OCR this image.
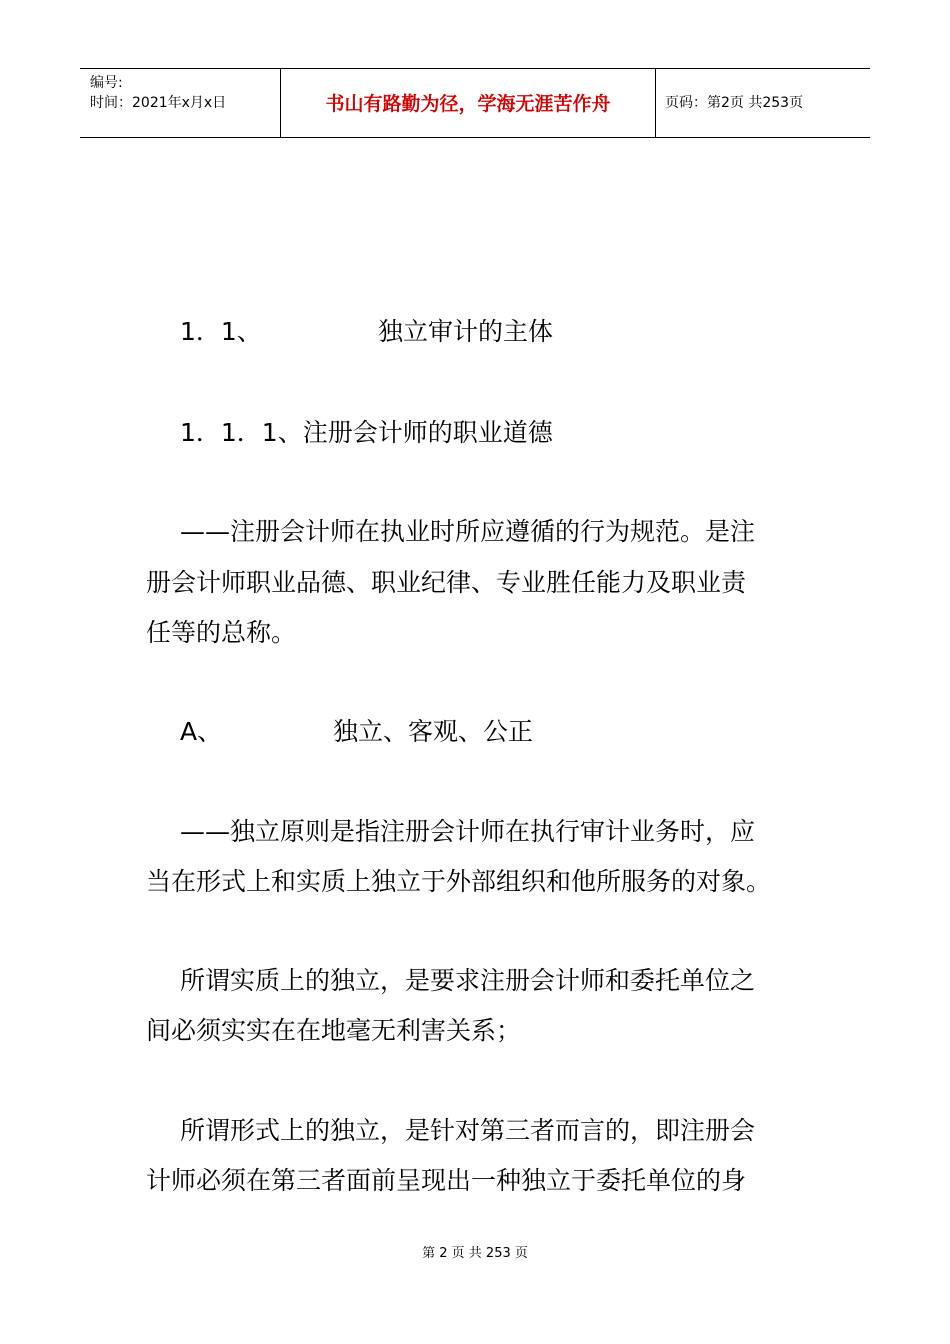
编号:
时间：2021年x月x日	书山有路勤为径，学海无涯苦作舟	页码：第2页 共253页
1．1、	独立审计的主体
1．1．1、注册会计师的职业道德
——注册会计师在执业时所应遵循的行为规范。是注
册会计师职业品德、职业纪律、专业胜任能力及职业责
任等的总称。
A、	独立、客观、公正
——独立原则是指注册会计师在执行审计业务时，应
当在形式上和实质上独立于外部组织和他所服务的对象。
所谓实质上的独立，是要求注册会计师和委托单位之
间必须实实在在地毫无利害关系；
所谓形式上的独立，是针对第三者而言的，即注册会
计师必须在第三者面前呈现出一种独立于委托单位的身
第 2 页 共 253 页
